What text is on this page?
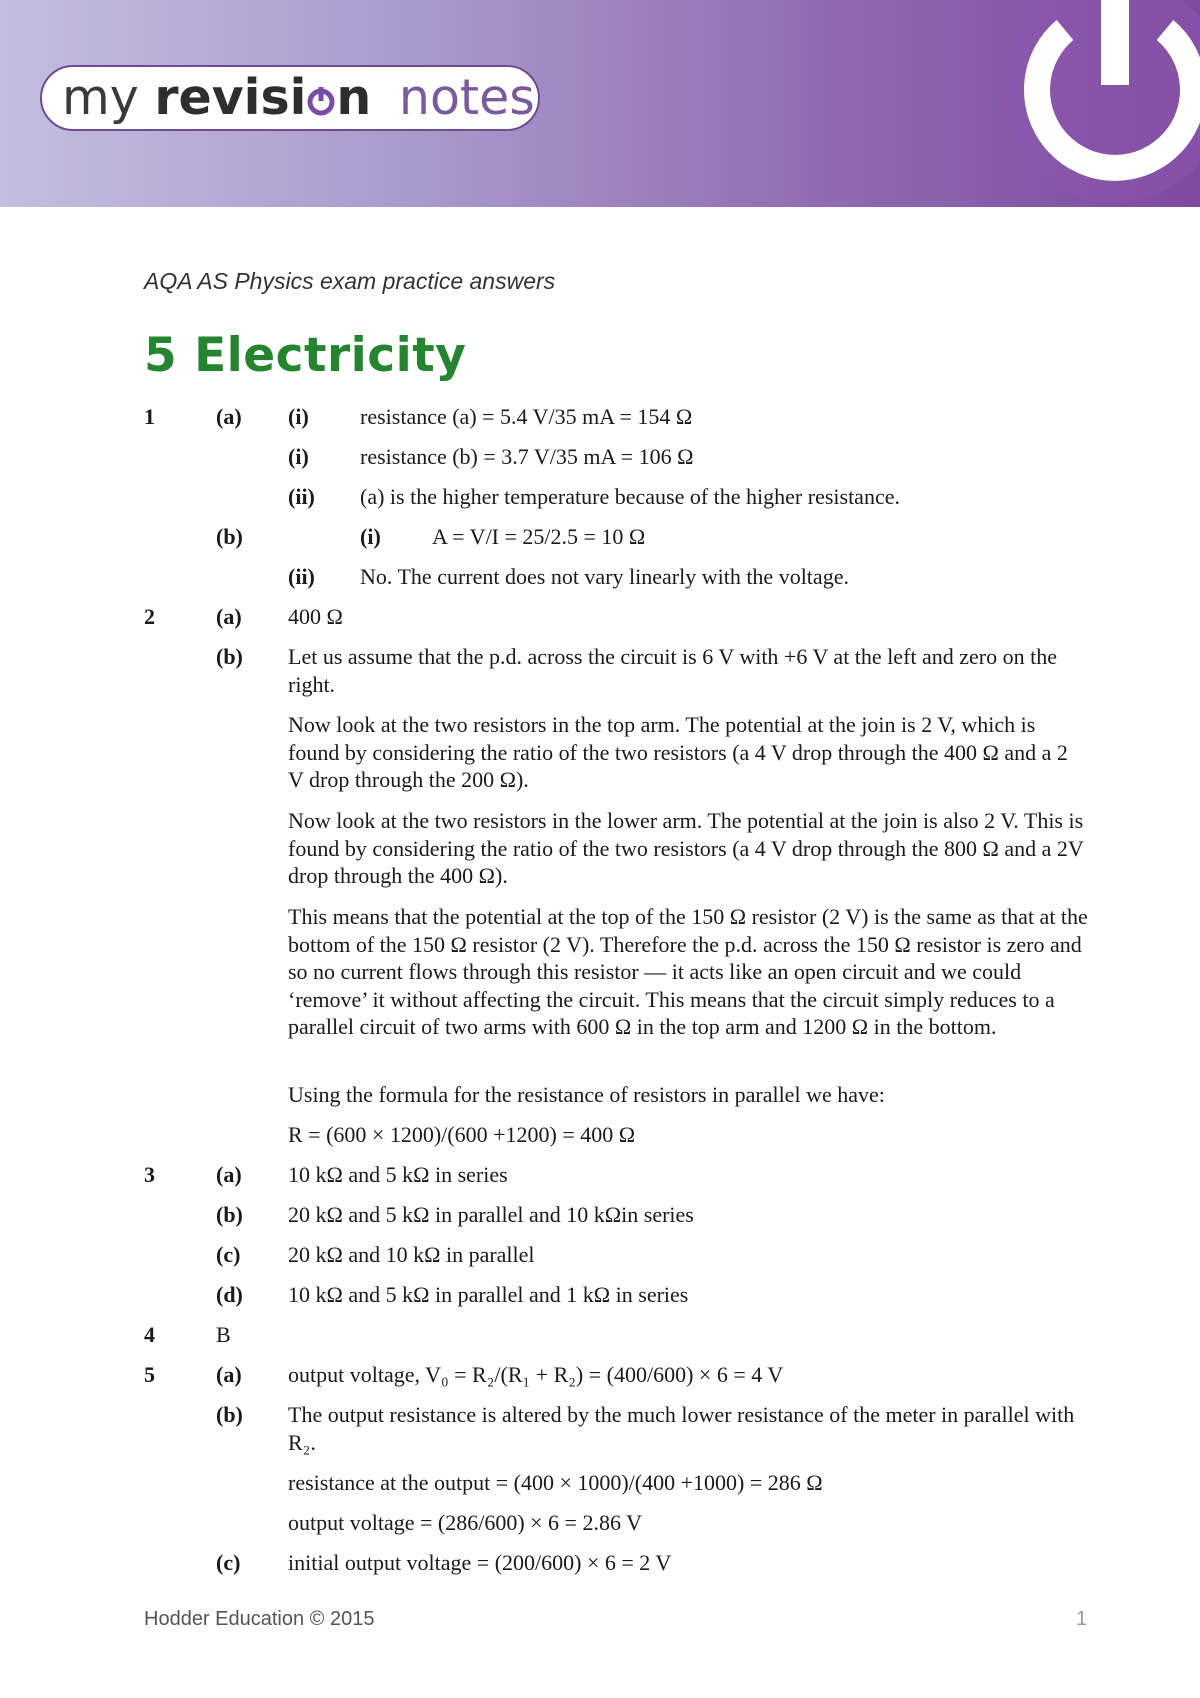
my revisi n notes
AQA AS Physics exam practice answers
5 Electricity
1	(a) (i) resistance (a) = 5.4 V/35 mA = 154 Ω
(i) resistance (b) = 3.7 V/35 mA = 106 Ω
(ii) (a) is the higher temperature because of the higher resistance.
(b)	(i) A = V/I = 25/2.5 = 10 Ω
(ii) No. The current does not vary linearly with the voltage.
2	(a) 400 Ω
(b) Let us assume that the p.d. across the circuit is 6 V with +6 V at the left and zero on the right.
Now look at the two resistors in the top arm. The potential at the join is 2 V, which is found by considering the ratio of the two resistors (a 4 V drop through the 400 Ω and a 2 V drop through the 200 Ω).
Now look at the two resistors in the lower arm. The potential at the join is also 2 V. This is found by considering the ratio of the two resistors (a 4 V drop through the 800 Ω and a 2V drop through the 400 Ω).
This means that the potential at the top of the 150 Ω resistor (2 V) is the same as that at the bottom of the 150 Ω resistor (2 V). Therefore the p.d. across the 150 Ω resistor is zero and so no current flows through this resistor — it acts like an open circuit and we could ‘remove’ it without affecting the circuit. This means that the circuit simply reduces to a parallel circuit of two arms with 600 Ω in the top arm and 1200 Ω in the bottom.
Using the formula for the resistance of resistors in parallel we have:
R = (600 × 1200)/(600 +1200) = 400 Ω
3	(a) 10 kΩ and 5 kΩ in series
(b) 20 kΩ and 5 kΩ in parallel and 10 kΩin series
(c) 20 kΩ and 10 kΩ in parallel
(d) 10 kΩ and 5 kΩ in parallel and 1 kΩ in series
4	B
5	(a) output voltage, V₀ = R₂/(R₁ + R₂) = (400/600) × 6 = 4 V
(b) The output resistance is altered by the much lower resistance of the meter in parallel with R₂.
resistance at the output = (400 × 1000)/(400 +1000) = 286 Ω
output voltage = (286/600) × 6 = 2.86 V
(c) initial output voltage = (200/600) × 6 = 2 V
Hodder Education © 2015	1
